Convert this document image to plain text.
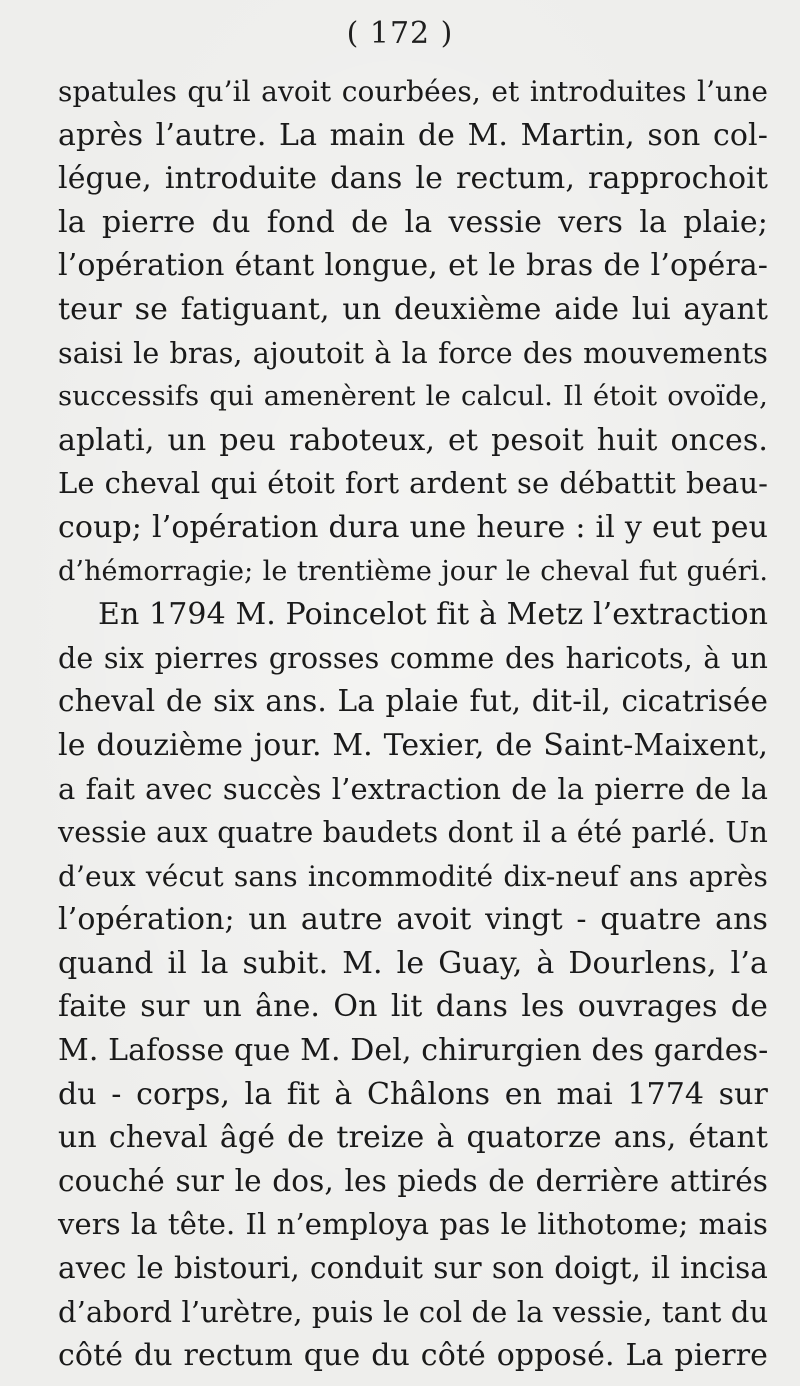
( 172 )
spatules qu’il avoit courbées, et introduites l’une
après l’autre. La main de M. Martin, son col-
légue, introduite dans le rectum, rapprochoit
la pierre du fond de la vessie vers la plaie;
l’opération étant longue, et le bras de l’opéra-
teur se fatiguant, un deuxième aide lui ayant
saisi le bras, ajoutoit à la force des mouvements
successifs qui amenèrent le calcul. Il étoit ovoïde,
aplati, un peu raboteux, et pesoit huit onces.
Le cheval qui étoit fort ardent se débattit beau-
coup; l’opération dura une heure : il y eut peu
d’hémorragie; le trentième jour le cheval fut guéri.
En 1794 M. Poincelot fit à Metz l’extraction
de six pierres grosses comme des haricots, à un
cheval de six ans. La plaie fut, dit-il, cicatrisée
le douzième jour. M. Texier, de Saint-Maixent,
a fait avec succès l’extraction de la pierre de la
vessie aux quatre baudets dont il a été parlé. Un
d’eux vécut sans incommodité dix-neuf ans après
l’opération; un autre avoit vingt - quatre ans
quand il la subit. M. le Guay, à Dourlens, l’a
faite sur un âne. On lit dans les ouvrages de
M. Lafosse que M. Del, chirurgien des gardes-
du - corps, la fit à Châlons en mai 1774 sur
un cheval âgé de treize à quatorze ans, étant
couché sur le dos, les pieds de derrière attirés
vers la tête. Il n’employa pas le lithotome; mais
avec le bistouri, conduit sur son doigt, il incisa
d’abord l’urètre, puis le col de la vessie, tant du
côté du rectum que du côté opposé. La pierre
